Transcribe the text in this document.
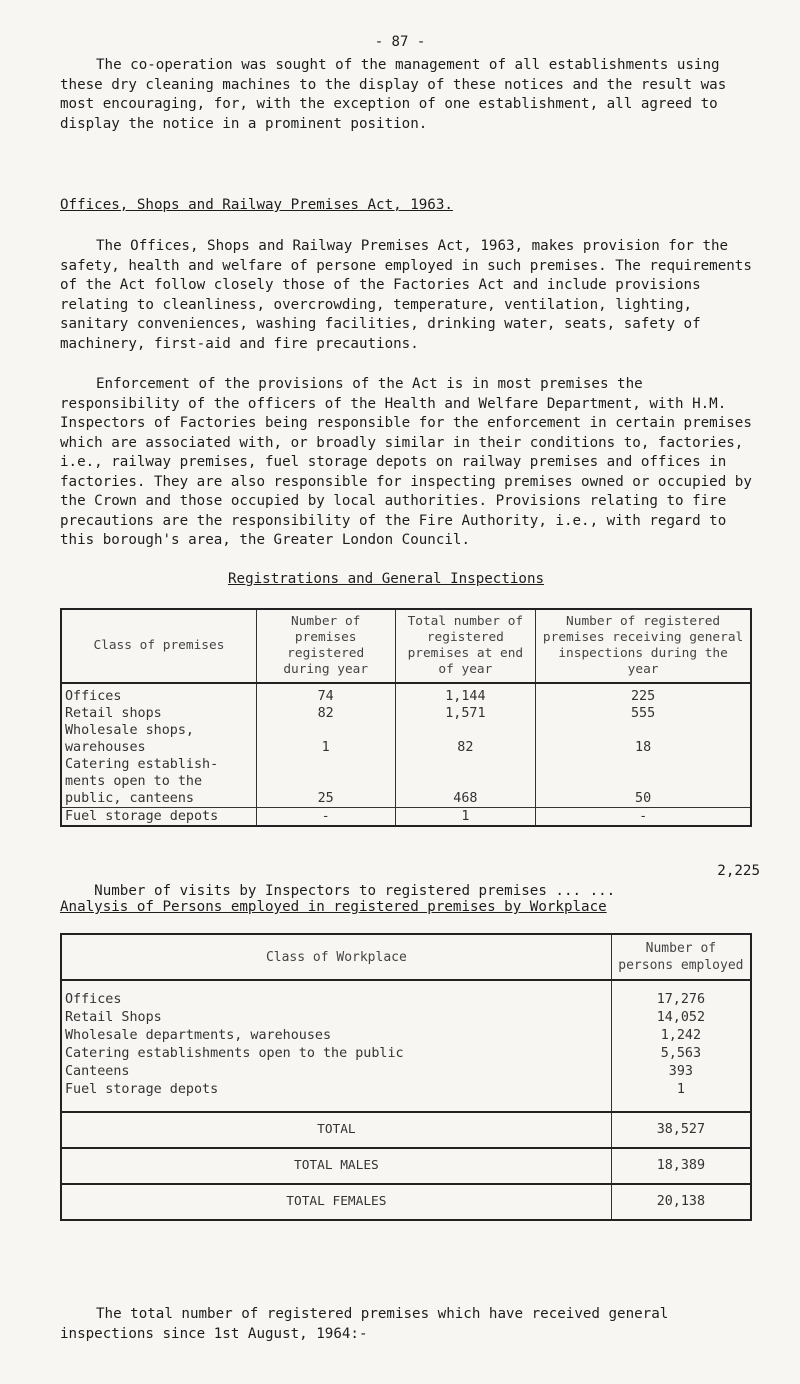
- 87 -

The co-operation was sought of the management of all establishments using these dry cleaning machines to the display of these notices and the result was most encouraging, for, with the exception of one establishment, all agreed to display the notice in a prominent position.

Offices, Shops and Railway Premises Act, 1963.

The Offices, Shops and Railway Premises Act, 1963, makes provision for the safety, health and welfare of persone employed in such premises. The requirements of the Act follow closely those of the Factories Act and include provisions relating to cleanliness, overcrowding, temperature, ventilation, lighting, sanitary conveniences, washing facilities, drinking water, seats, safety of machinery, first-aid and fire precautions.

Enforcement of the provisions of the Act is in most premises the responsibility of the officers of the Health and Welfare Department, with H.M. Inspectors of Factories being responsible for the enforcement in certain premises which are associated with, or broadly similar in their conditions to, factories, i.e., railway premises, fuel storage depots on railway premises and offices in factories. They are also responsible for inspecting premises owned or occupied by the Crown and those occupied by local authorities. Provisions relating to fire precautions are the responsibility of the Fire Authority, i.e., with regard to this borough's area, the Greater London Council.

Registrations and General Inspections
Class of premises	Number of premises registered during year	Total number of registered premises at end of year	Number of registered premises receiving general inspections during the year
Offices	74	1,144	225
Retail shops	82	1,571	555
Wholesale shops, warehouses	1	82	18
Catering establish- ments open to the public, canteens	25	468	50
Fuel storage depots	-	1	-

Number of visits by Inspectors to registered premises ... ...

2,225

Analysis of Persons employed in registered premises by Workplace
Class of Workplace	Number of persons employed
Offices	17,276
Retail Shops	14,052
Wholesale departments, warehouses	1,242
Catering establishments open to the public	5,563
Canteens	393
Fuel storage depots	1
TOTAL	38,527
TOTAL MALES	18,389
TOTAL FEMALES	20,138

The total number of registered premises which have received general inspections since 1st August, 1964:-
